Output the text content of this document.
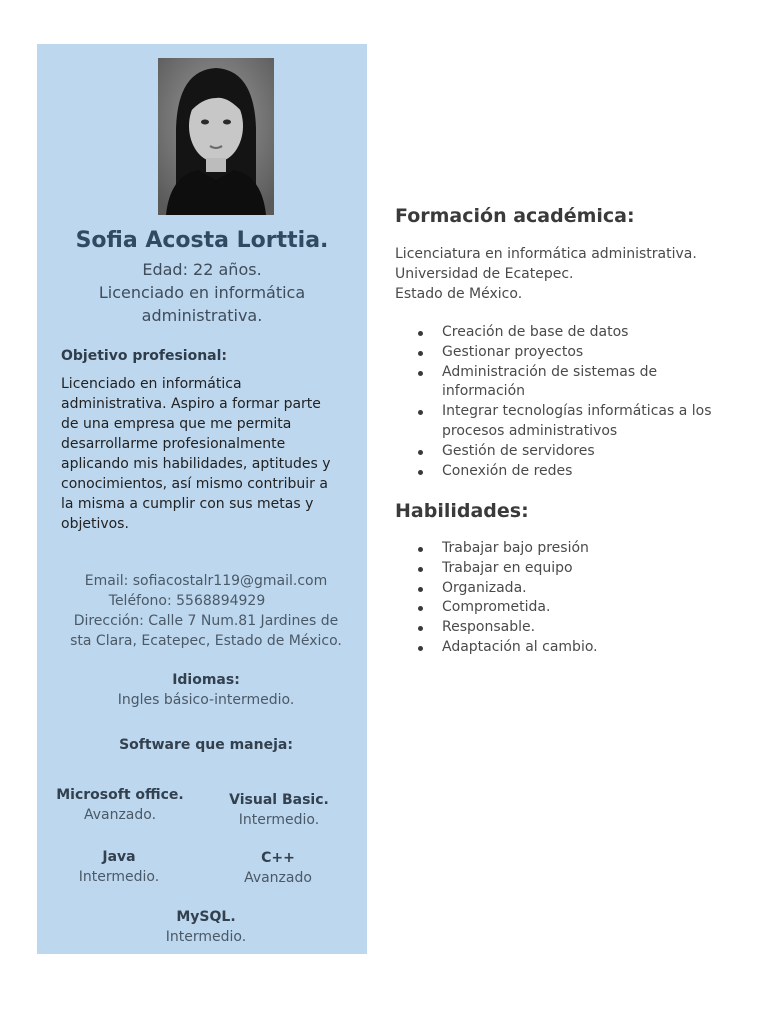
Sofia Acosta Lorttia.
Edad: 22 años.
Licenciado en informática
administrativa.
Objetivo profesional:
Licenciado en informática administrativa. Aspiro a formar parte de una empresa que me permita desarrollarme profesionalmente aplicando mis habilidades, aptitudes y conocimientos, así mismo contribuir a la misma a cumplir con sus metas y objetivos.
Email: sofiacostalr119@gmail.com
Teléfono: 5568894929
Dirección: Calle 7 Num.81 Jardines de
sta Clara, Ecatepec, Estado de México.
Idiomas:
Ingles básico-intermedio.
Software que maneja:
Microsoft office.
Avanzado.
Visual Basic.
Intermedio.
Java
Intermedio.
C++
Avanzado
MySQL.
Intermedio.
Formación académica:
Licenciatura en informática administrativa.
Universidad de Ecatepec.
Estado de México.
Creación de base de datos
Gestionar proyectos
Administración de sistemas de información
Integrar tecnologías informáticas a los procesos administrativos
Gestión de servidores
Conexión de redes
Habilidades:
Trabajar bajo presión
Trabajar en equipo
Organizada.
Comprometida.
Responsable.
Adaptación al cambio.
